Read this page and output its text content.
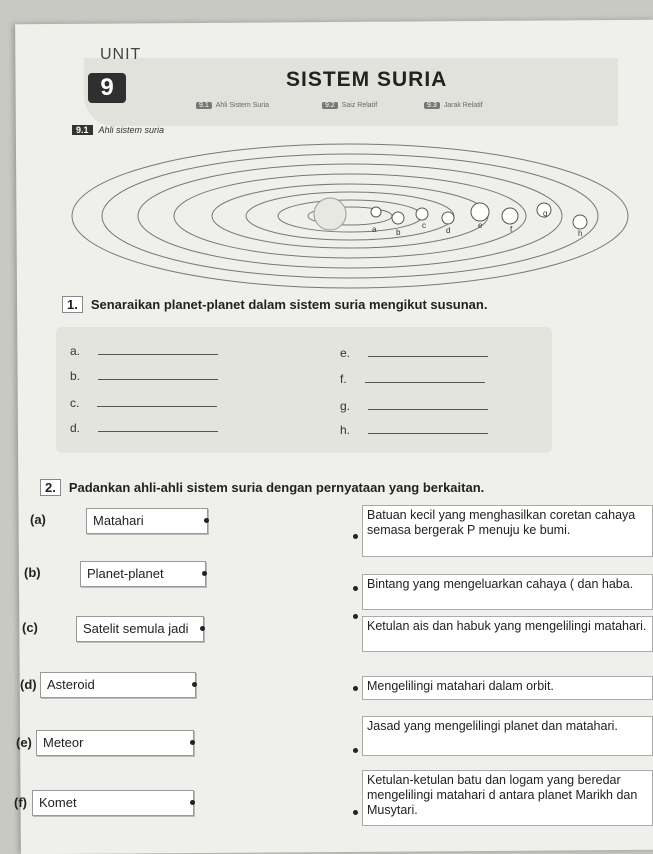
UNIT
9	SISTEM SURIA
9.1 Ahli Sistem Suria	9.2 Saiz Relatif	9.3 Jarak Relatif
9.1 Ahli sistem suria
a b
c
d
e	f
g
h
1. Senaraikan planet-planet dalam sistem suria mengikut susunan.
a.
b.
c.
d.
e.
f.
g.
h.
2. Padankan ahli-ahli sistem suria dengan pernyataan yang berkaitan.
(a)	Matahari
(b)	Planet-planet
(c)	Satelit semula jadi
(d) Asteroid
(e) Meteor
(f) Komet
Batuan kecil yang menghasilkan coretan cahaya semasa bergerak P menuju ke bumi.
Bintang yang mengeluarkan cahaya ( dan haba.
Ketulan ais dan habuk yang mengelilingi matahari.
Mengelilingi matahari dalam orbit.
Jasad yang mengelilingi planet dan matahari.
Ketulan-ketulan batu dan logam yang beredar mengelilingi matahari d antara planet Marikh dan Musytari.
